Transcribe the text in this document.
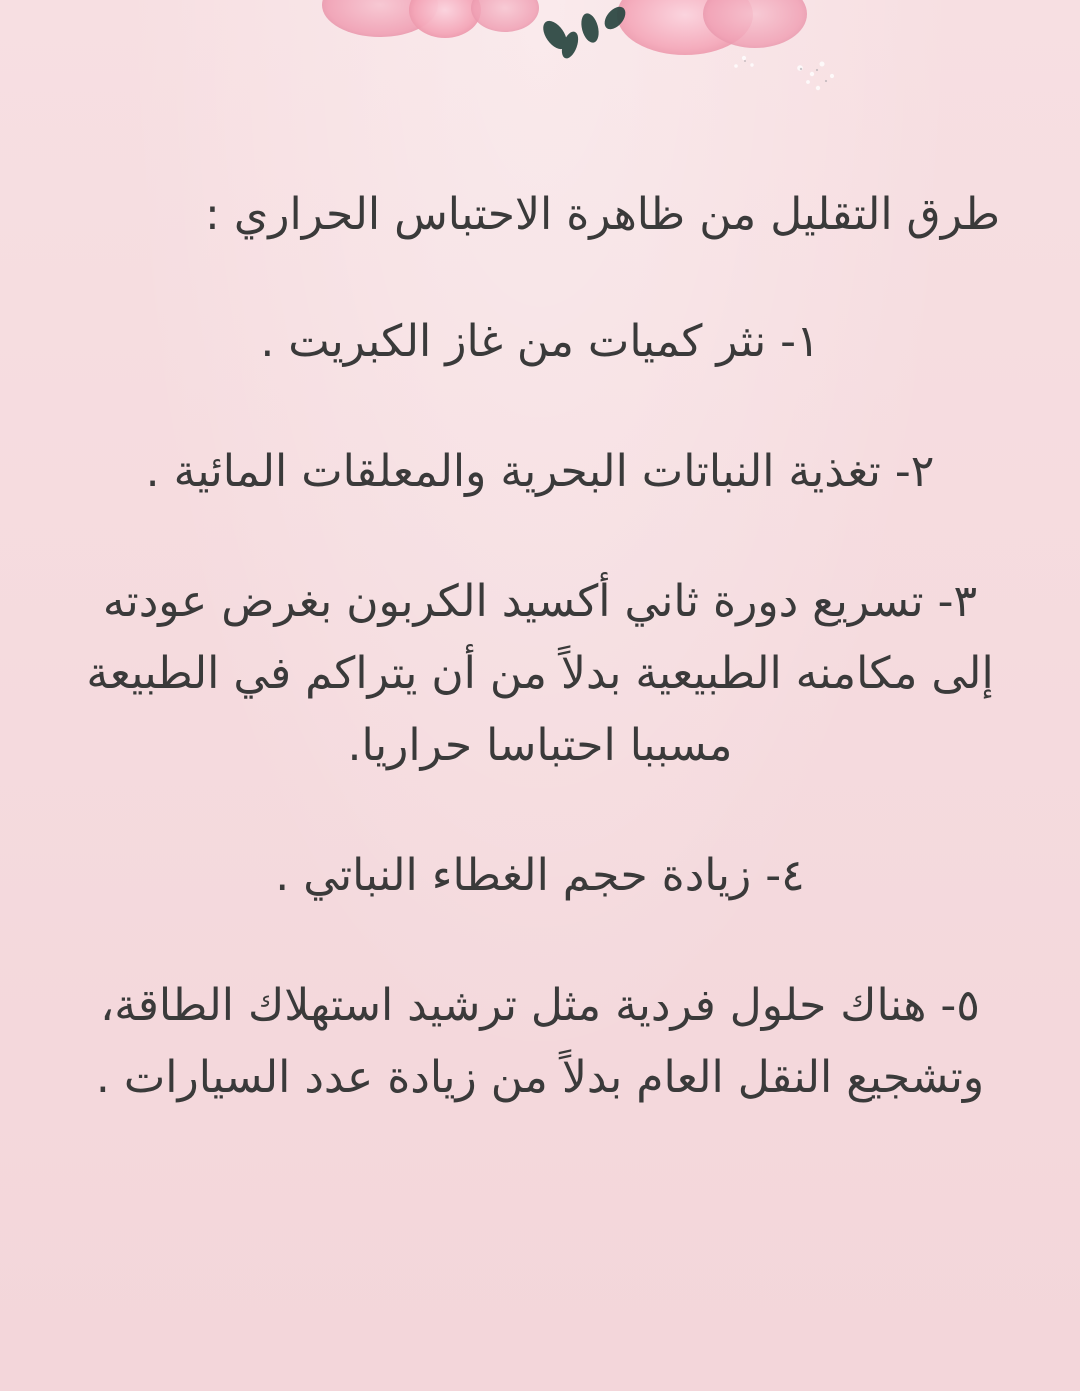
طرق التقليل من ظاهرة الاحتباس الحراري :
١- نثر كميات من غاز الكبريت .
٢- تغذية النباتات البحرية والمعلقات المائية .
٣- تسريع دورة ثاني أكسيد الكربون بغرض عودته إلى مكامنه الطبيعية بدلاً من أن يتراكم في الطبيعة مسببا احتباسا حراريا.
٤- زيادة حجم الغطاء النباتي .
٥- هناك حلول فردية مثل ترشيد استهلاك الطاقة، وتشجيع النقل العام بدلاً من زيادة عدد السيارات .
